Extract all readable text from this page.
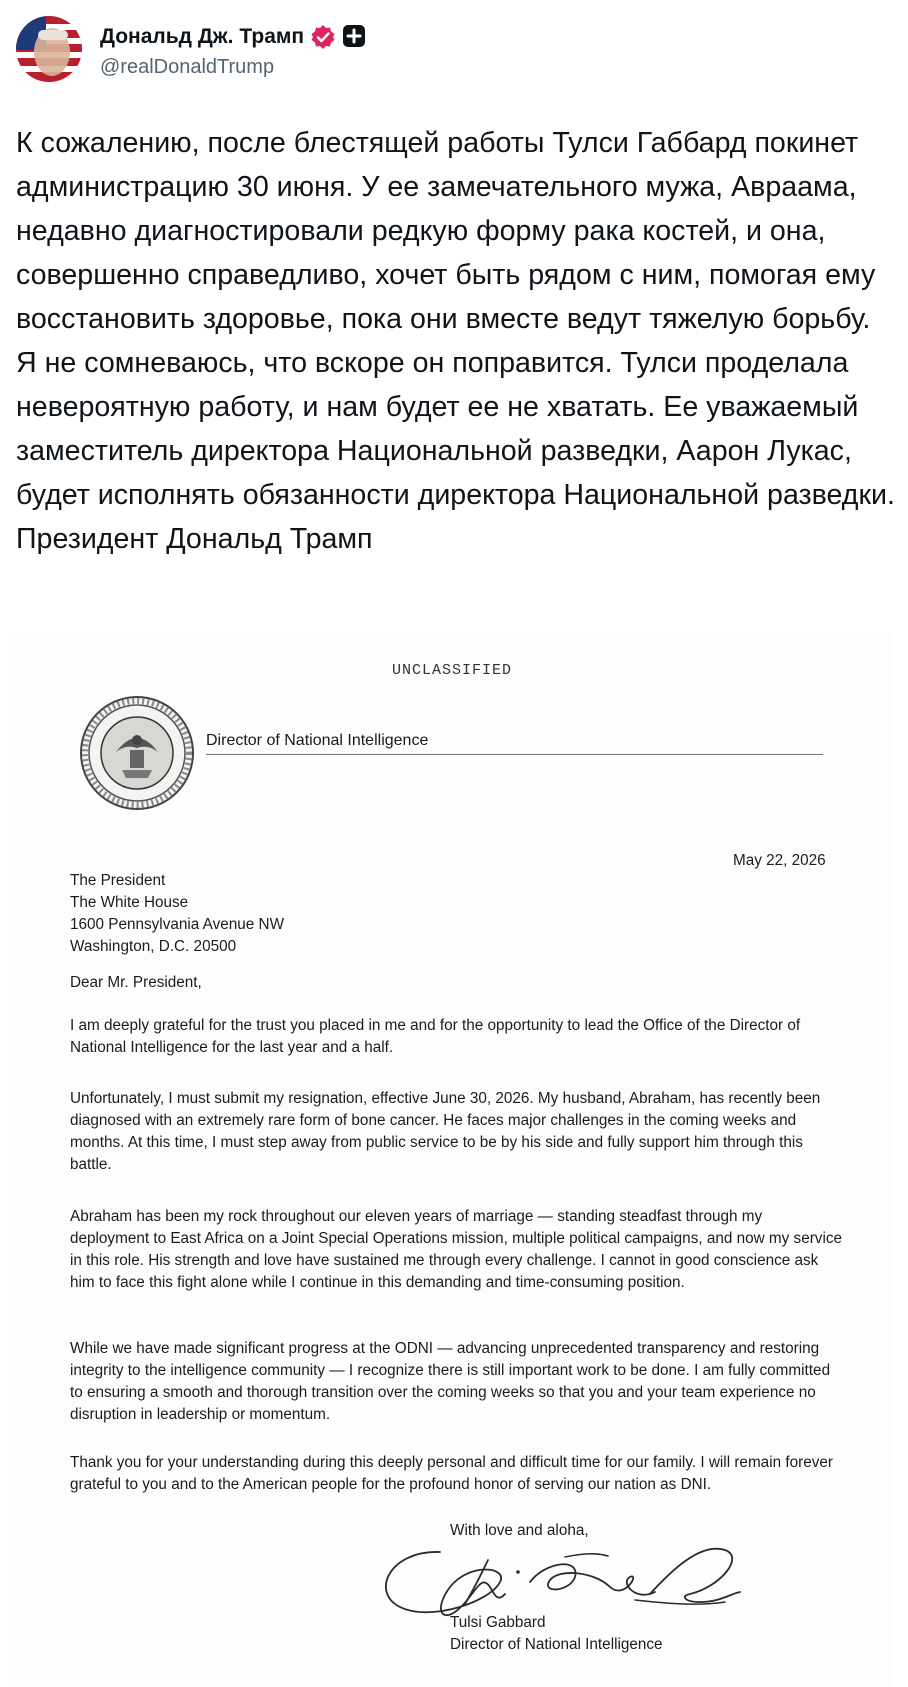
Дональд Дж. Трамп
@realDonaldTrump

К сожалению, после блестящей работы Тулси Габбард покинет администрацию 30 июня. У ее замечательного мужа, Авраама, недавно диагностировали редкую форму рака костей, и она, совершенно справедливо, хочет быть рядом с ним, помогая ему восстановить здоровье, пока они вместе ведут тяжелую борьбу. Я не сомневаюсь, что вскоре он поправится. Тулси проделала невероятную работу, и нам будет ее не хватать. Ее уважаемый заместитель директора Национальной разведки, Аарон Лукас, будет исполнять обязанности директора Национальной разведки. Президент Дональд Трамп

UNCLASSIFIED
Director of National Intelligence
May 22, 2026
The President
The White House
1600 Pennsylvania Avenue NW
Washington, D.C. 20500
Dear Mr. President,

I am deeply grateful for the trust you placed in me and for the opportunity to lead the Office of the Director of National Intelligence for the last year and a half.

Unfortunately, I must submit my resignation, effective June 30, 2026. My husband, Abraham, has recently been diagnosed with an extremely rare form of bone cancer. He faces major challenges in the coming weeks and months. At this time, I must step away from public service to be by his side and fully support him through this battle.

Abraham has been my rock throughout our eleven years of marriage — standing steadfast through my deployment to East Africa on a Joint Special Operations mission, multiple political campaigns, and now my service in this role. His strength and love have sustained me through every challenge. I cannot in good conscience ask him to face this fight alone while I continue in this demanding and time-consuming position.

While we have made significant progress at the ODNI — advancing unprecedented transparency and restoring integrity to the intelligence community — I recognize there is still important work to be done. I am fully committed to ensuring a smooth and thorough transition over the coming weeks so that you and your team experience no disruption in leadership or momentum.

Thank you for your understanding during this deeply personal and difficult time for our family. I will remain forever grateful to you and to the American people for the profound honor of serving our nation as DNI.

With love and aloha,
Tulsi Gabbard
Director of National Intelligence
